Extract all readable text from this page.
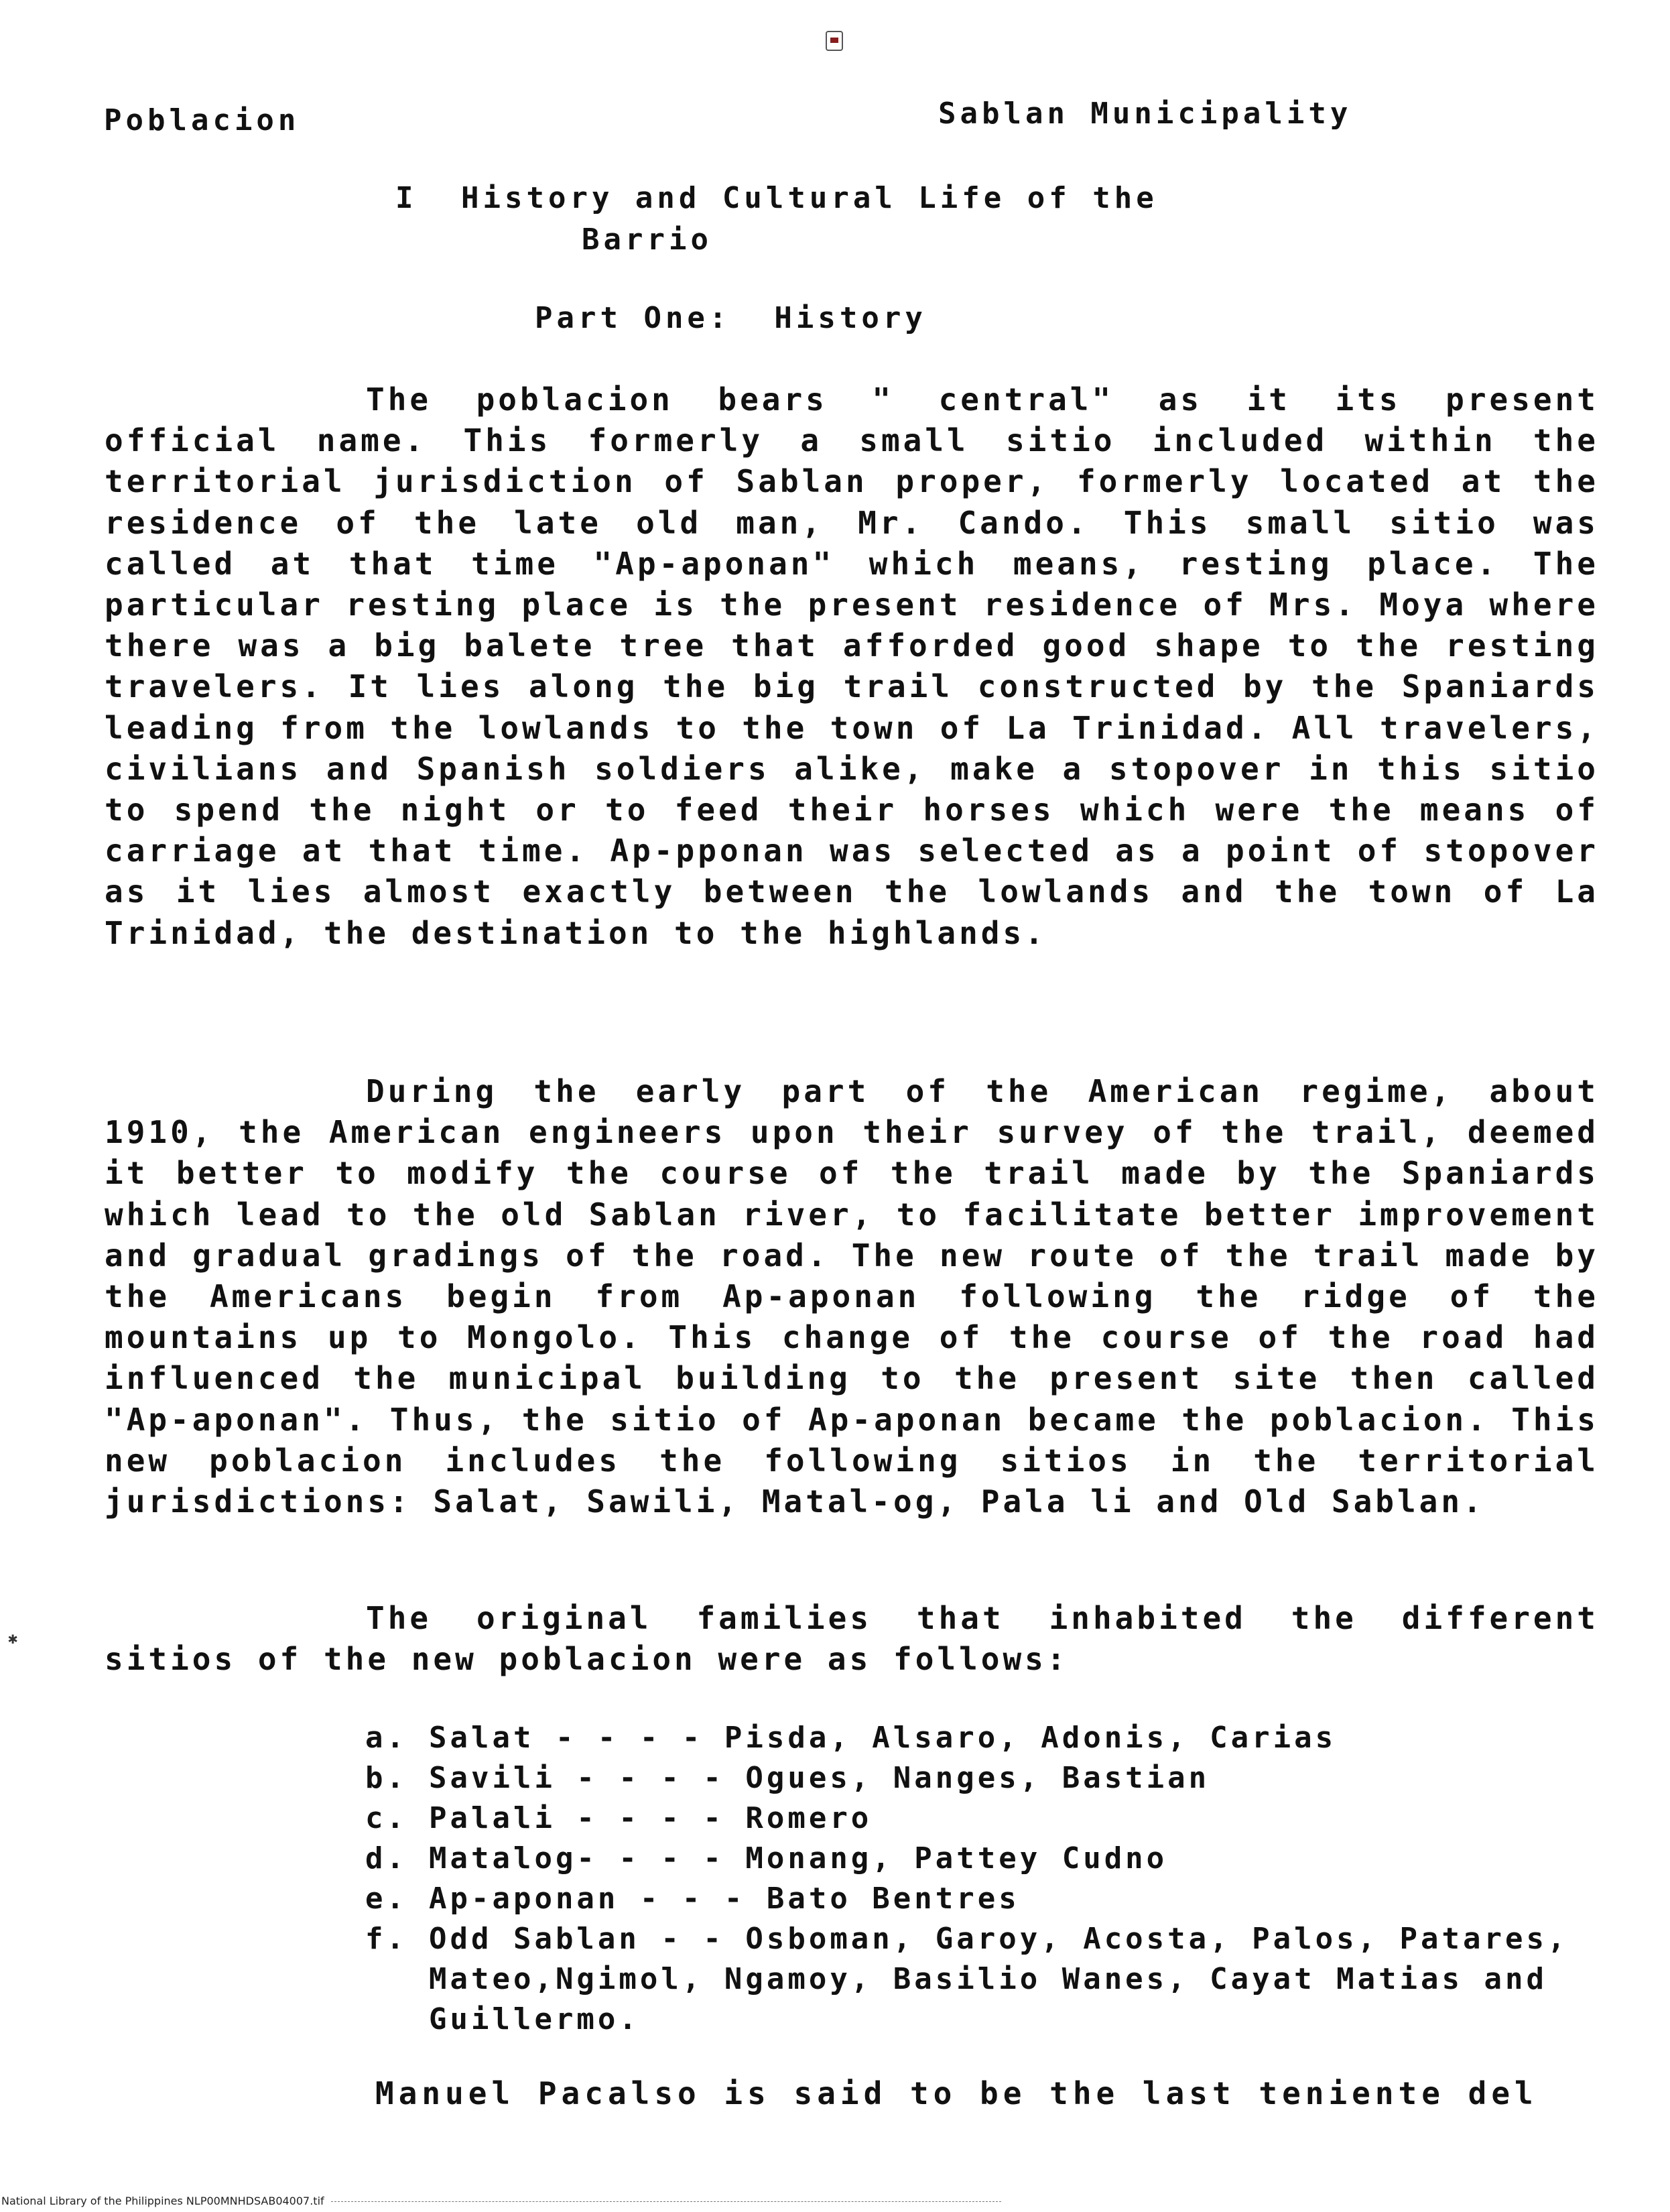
Poblacion	Sablan Municipality
I History and Cultural Life of the
Barrio
Part One:  History

The poblacion bears " central" as it its present official name. This formerly a small sitio included within the territorial jurisdiction of Sablan proper, formerly located at the residence of the late old man, Mr. Cando. This small sitio was called at that time "Ap-aponan" which means, resting place. The particular resting place is the present residence of Mrs. Moya where there was a big balete tree that afforded good shape to the resting travelers. It lies along the big trail constructed by the Spaniards leading from the lowlands to the town of La Trinidad. All travelers, civilians and Spanish soldiers alike, make a stopover in this sitio to spend the night or to feed their horses which were the means of carriage at that time. Ap-pponan was selected as a point of stopover as it lies almost exactly between the lowlands and the town of La Trinidad, the destination to the highlands.

During the early part of the American regime, about 1910, the American engineers upon their survey of the trail, deemed it better to modify the course of the trail made by the Spaniards which lead to the old Sablan river, to facilitate better improvement and gradual gradings of the road. The new route of the trail made by the Americans begin from Ap-aponan following the ridge of the mountains up to Mongolo. This change of the course of the road had influenced the municipal building to the present site then called "Ap-aponan". Thus, the sitio of Ap-aponan became the poblacion. This new poblacion includes the following sitios in the territorial jurisdictions: Salat, Sawili, Matal-og, Pala li and Old Sablan.

The original families that inhabited the different sitios of the new poblacion were as follows:

a. Salat - - - - Pisda, Alsaro, Adonis, Carias
b. Savili - - - - Ogues, Nanges, Bastian
c. Palali - - - - Romero
d. Matalog- - - - Monang, Pattey Cudno
e. Ap-aponan - - - Bato Bentres
f. Odd Sablan - - Osboman, Garoy, Acosta, Palos, Patares, Mateo,Ngimol, Ngamoy, Basilio Wanes, Cayat Matias and Guillermo.
Manuel Pacalso is said to be the last teniente del
✱
National Library of the Philippines NLP00MNHDSAB04007.tif
